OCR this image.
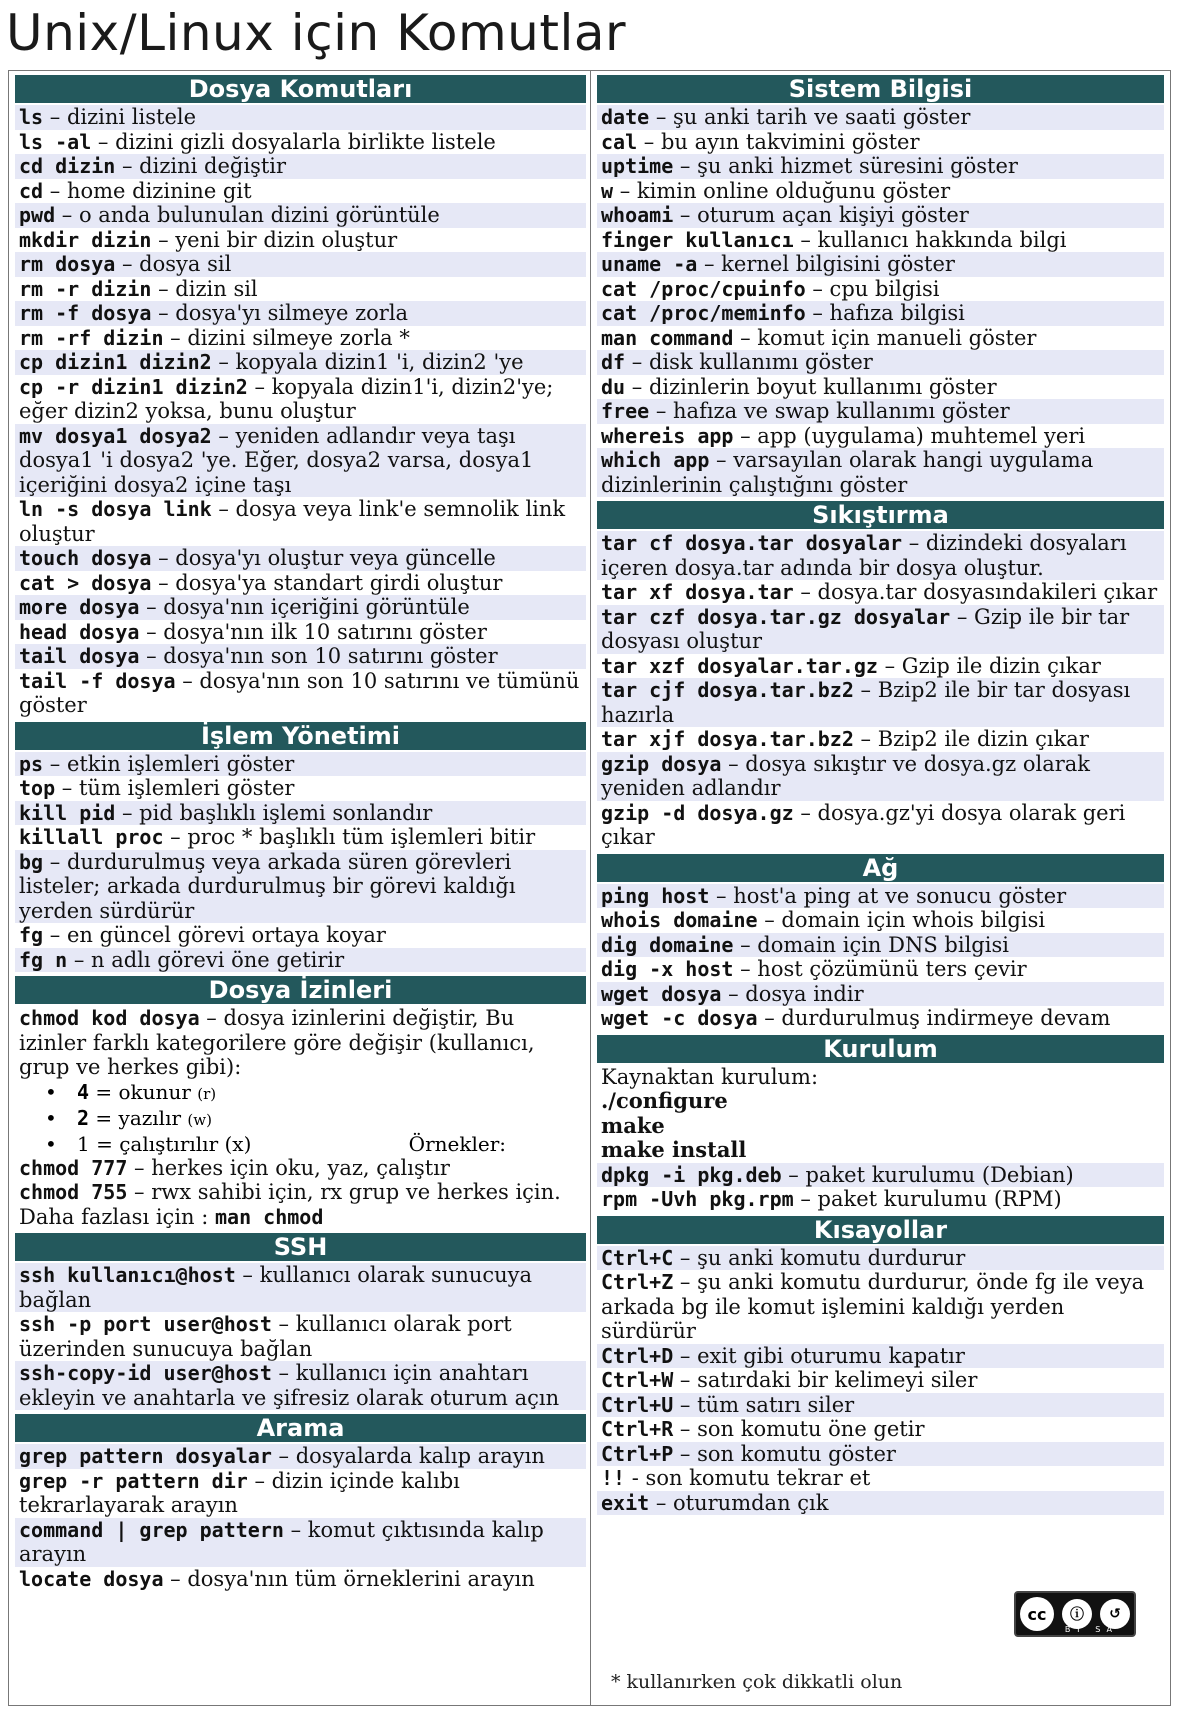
Unix/Linux için Komutlar
Dosya Komutları
ls – dizini listele
ls -al – dizini gizli dosyalarla birlikte listele
cd dizin – dizini değiştir
cd – home dizinine git
pwd – o anda bulunulan dizini görüntüle
mkdir dizin – yeni bir dizin oluştur
rm dosya – dosya sil
rm -r dizin – dizin sil
rm -f dosya – dosya'yı silmeye zorla
rm -rf dizin – dizini silmeye zorla *
cp dizin1 dizin2 – kopyala dizin1 'i, dizin2 'ye
cp -r dizin1 dizin2 – kopyala dizin1'i, dizin2'ye; eğer dizin2 yoksa, bunu oluştur
mv dosya1 dosya2 – yeniden adlandır veya taşı dosya1 'i dosya2 'ye. Eğer, dosya2 varsa, dosya1 içeriğini dosya2 içine taşı
ln -s dosya link – dosya veya link'e semnolik link oluştur
touch dosya – dosya'yı oluştur veya güncelle
cat > dosya – dosya'ya standart girdi oluştur
more dosya – dosya'nın içeriğini görüntüle
head dosya – dosya'nın ilk 10 satırını göster
tail dosya – dosya'nın son 10 satırını göster
tail -f dosya – dosya'nın son 10 satırını ve tümünü göster
İşlem Yönetimi
ps – etkin işlemleri göster
top – tüm işlemleri göster
kill pid – pid başlıklı işlemi sonlandır
killall proc – proc * başlıklı tüm işlemleri bitir
bg – durdurulmuş veya arkada süren görevleri listeler; arkada durdurulmuş bir görevi kaldığı yerden sürdürür
fg – en güncel görevi ortaya koyar
fg n – n adlı görevi öne getirir
Dosya İzinleri
chmod kod dosya – dosya izinlerini değiştir, Bu izinler farklı kategorilere göre değişir (kullanıcı, grup ve herkes gibi):
• 4 = okunur (r)
• 2 = yazılır (w)
• 1 = çalıştırılır (x)	Örnekler:
chmod 777 – herkes için oku, yaz, çalıştır
chmod 755 – rwx sahibi için, rx grup ve herkes için.
Daha fazlası için : man chmod
SSH
ssh kullanıcı@host – kullanıcı olarak sunucuya bağlan
ssh -p port user@host – kullanıcı olarak port üzerinden sunucuya bağlan
ssh-copy-id user@host – kullanıcı için anahtarı ekleyin ve anahtarla ve şifresiz olarak oturum açın
Arama
grep pattern dosyalar – dosyalarda kalıp arayın
grep -r pattern dir – dizin içinde kalıbı tekrarlayarak arayın
command | grep pattern – komut çıktısında kalıp arayın
locate dosya – dosya'nın tüm örneklerini arayın
Sistem Bilgisi
date – şu anki tarih ve saati göster
cal – bu ayın takvimini göster
uptime – şu anki hizmet süresini göster
w – kimin online olduğunu göster
whoami – oturum açan kişiyi göster
finger kullanıcı – kullanıcı hakkında bilgi
uname -a – kernel bilgisini göster
cat /proc/cpuinfo – cpu bilgisi
cat /proc/meminfo – hafıza bilgisi
man command – komut için manueli göster
df – disk kullanımı göster
du – dizinlerin boyut kullanımı göster
free – hafıza ve swap kullanımı göster
whereis app – app (uygulama) muhtemel yeri
which app – varsayılan olarak hangi uygulama dizinlerinin çalıştığını göster
Sıkıştırma
tar cf dosya.tar dosyalar – dizindeki dosyaları içeren dosya.tar adında bir dosya oluştur.
tar xf dosya.tar – dosya.tar dosyasındakileri çıkar
tar czf dosya.tar.gz dosyalar – Gzip ile bir tar dosyası oluştur
tar xzf dosyalar.tar.gz – Gzip ile dizin çıkar
tar cjf dosya.tar.bz2 – Bzip2 ile bir tar dosyası hazırla
tar xjf dosya.tar.bz2 – Bzip2 ile dizin çıkar
gzip dosya – dosya sıkıştır ve dosya.gz olarak yeniden adlandır
gzip -d dosya.gz – dosya.gz'yi dosya olarak geri çıkar
Ağ
ping host – host'a ping at ve sonucu göster
whois domaine – domain için whois bilgisi
dig domaine – domain için DNS bilgisi
dig -x host – host çözümünü ters çevir
wget dosya – dosya indir
wget -c dosya – durdurulmuş indirmeye devam
Kurulum
Kaynaktan kurulum:
./configure
make
make install
dpkg -i pkg.deb – paket kurulumu (Debian)
rpm -Uvh pkg.rpm – paket kurulumu (RPM)
Kısayollar
Ctrl+C – şu anki komutu durdurur
Ctrl+Z – şu anki komutu durdurur, önde fg ile veya arkada bg ile komut işlemini kaldığı yerden sürdürür
Ctrl+D – exit gibi oturumu kapatır
Ctrl+W – satırdaki bir kelimeyi siler
Ctrl+U – tüm satırı siler
Ctrl+R – son komutu öne getir
Ctrl+P – son komutu göster
!! - son komutu tekrar et
exit – oturumdan çık
cc	ⓘ	↺
BY SA
* kullanırken çok dikkatli olun
